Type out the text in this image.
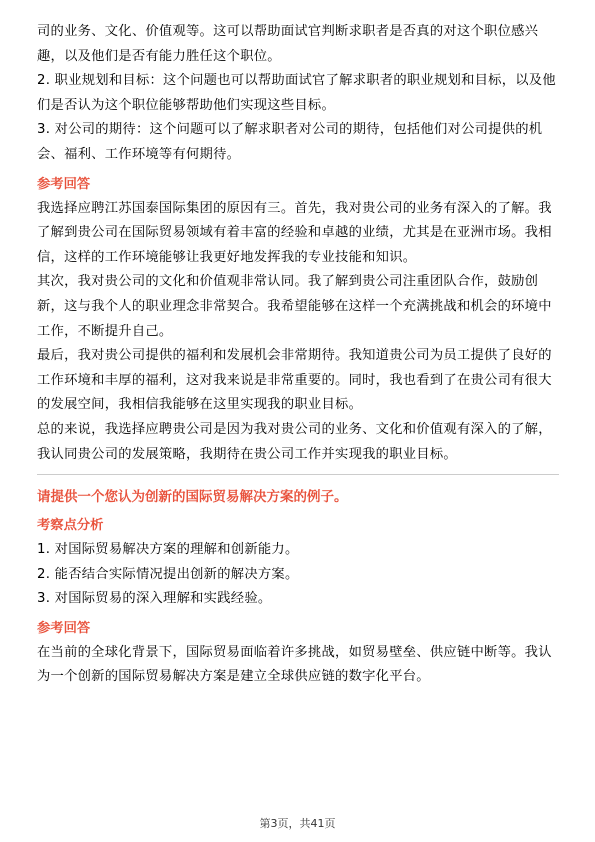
司的业务、文化、价值观等。这可以帮助面试官判断求职者是否真的对这个职位感兴趣，以及他们是否有能力胜任这个职位。

2. 职业规划和目标：这个问题也可以帮助面试官了解求职者的职业规划和目标，以及他们是否认为这个职位能够帮助他们实现这些目标。

3. 对公司的期待：这个问题可以了解求职者对公司的期待，包括他们对公司提供的机会、福利、工作环境等有何期待。

参考回答

我选择应聘江苏国泰国际集团的原因有三。首先，我对贵公司的业务有深入的了解。我了解到贵公司在国际贸易领域有着丰富的经验和卓越的业绩，尤其是在亚洲市场。我相信，这样的工作环境能够让我更好地发挥我的专业技能和知识。

其次，我对贵公司的文化和价值观非常认同。我了解到贵公司注重团队合作，鼓励创新，这与我个人的职业理念非常契合。我希望能够在这样一个充满挑战和机会的环境中工作，不断提升自己。

最后，我对贵公司提供的福利和发展机会非常期待。我知道贵公司为员工提供了良好的工作环境和丰厚的福利，这对我来说是非常重要的。同时，我也看到了在贵公司有很大的发展空间，我相信我能够在这里实现我的职业目标。

总的来说，我选择应聘贵公司是因为我对贵公司的业务、文化和价值观有深入的了解，我认同贵公司的发展策略，我期待在贵公司工作并实现我的职业目标。

请提供一个您认为创新的国际贸易解决方案的例子。
考察点分析

1. 对国际贸易解决方案的理解和创新能力。

2. 能否结合实际情况提出创新的解决方案。

3. 对国际贸易的深入理解和实践经验。

参考回答

在当前的全球化背景下，国际贸易面临着许多挑战，如贸易壁垒、供应链中断等。我认为一个创新的国际贸易解决方案是建立全球供应链的数字化平台。

第3页，共41页
